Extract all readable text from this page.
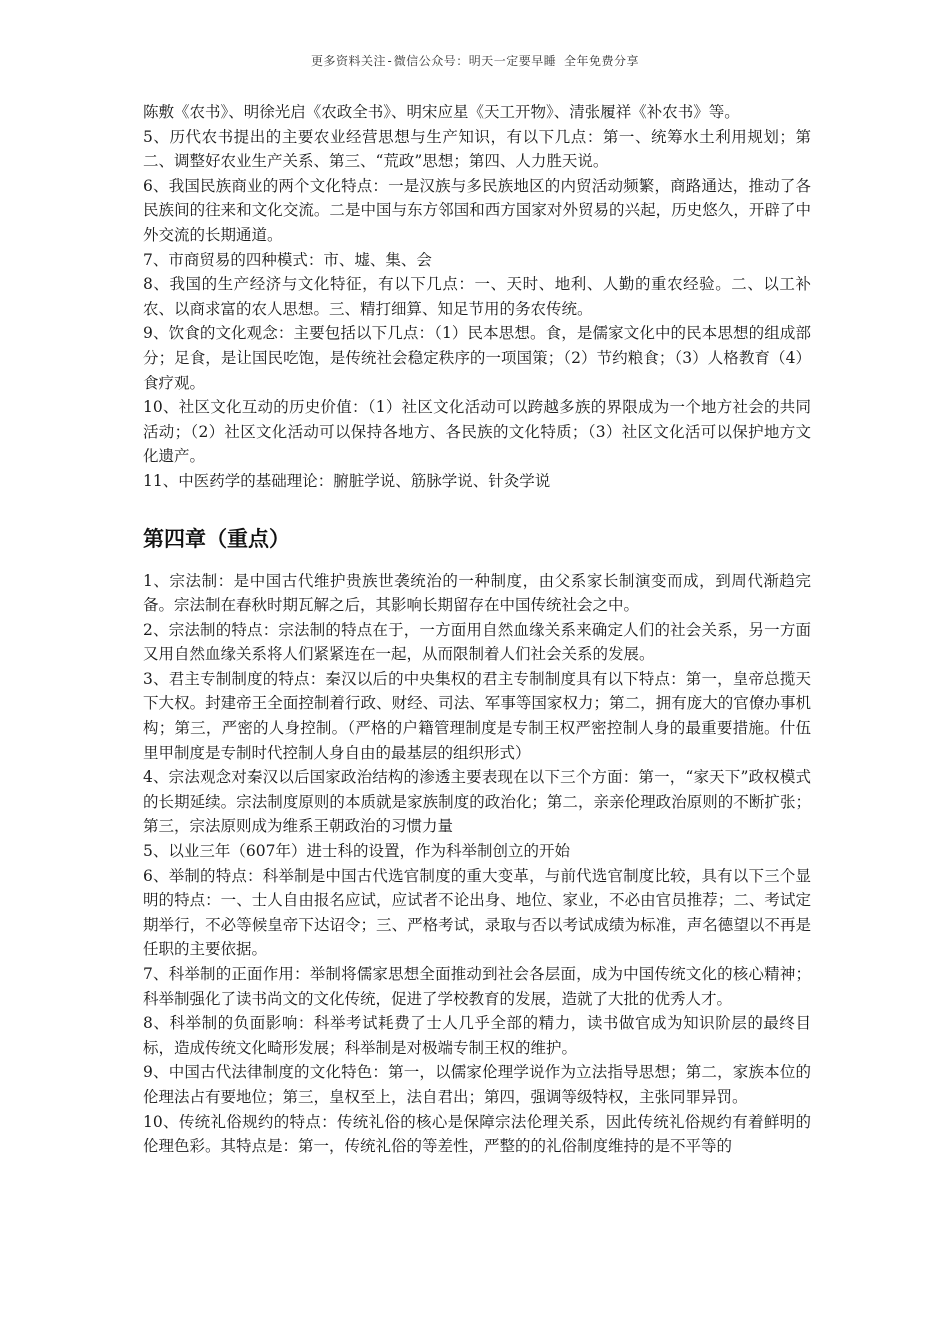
更多资料关注-微信公众号：明天一定要早睡 全年免费分享

陈敷《农书》、明徐光启《农政全书》、明宋应星《天工开物》、清张履祥《补农书》等。

5、历代农书提出的主要农业经营思想与生产知识，有以下几点：第一、统筹水土利用规划；第二、调整好农业生产关系、第三、“荒政”思想；第四、人力胜天说。

6、我国民族商业的两个文化特点：一是汉族与多民族地区的内贸活动频繁，商路通达，推动了各民族间的往来和文化交流。二是中国与东方邻国和西方国家对外贸易的兴起，历史悠久，开辟了中外交流的长期通道。

7、市商贸易的四种模式：市、墟、集、会

8、我国的生产经济与文化特征，有以下几点：一、天时、地利、人勤的重农经验。二、以工补农、以商求富的农人思想。三、精打细算、知足节用的务农传统。

9、饮食的文化观念：主要包括以下几点：（1）民本思想。食，是儒家文化中的民本思想的组成部分；足食，是让国民吃饱，是传统社会稳定秩序的一项国策；（2）节约粮食；（3）人格教育（4）食疗观。

10、社区文化互动的历史价值：（1）社区文化活动可以跨越多族的界限成为一个地方社会的共同活动；（2）社区文化活动可以保持各地方、各民族的文化特质；（3）社区文化活可以保护地方文化遗产。

11、中医药学的基础理论：腑脏学说、筋脉学说、针灸学说

第四章（重点）

1、宗法制：是中国古代维护贵族世袭统治的一种制度，由父系家长制演变而成，到周代渐趋完备。宗法制在春秋时期瓦解之后，其影响长期留存在中国传统社会之中。

2、宗法制的特点：宗法制的特点在于，一方面用自然血缘关系来确定人们的社会关系，另一方面又用自然血缘关系将人们紧紧连在一起，从而限制着人们社会关系的发展。

3、君主专制制度的特点：秦汉以后的中央集权的君主专制制度具有以下特点：第一，皇帝总揽天下大权。封建帝王全面控制着行政、财经、司法、军事等国家权力；第二，拥有庞大的官僚办事机构；第三，严密的人身控制。（严格的户籍管理制度是专制王权严密控制人身的最重要措施。什伍里甲制度是专制时代控制人身自由的最基层的组织形式）

4、宗法观念对秦汉以后国家政治结构的渗透主要表现在以下三个方面：第一，“家天下”政权模式的长期延续。宗法制度原则的本质就是家族制度的政治化；第二，亲亲伦理政治原则的不断扩张；第三，宗法原则成为维系王朝政治的习惯力量

5、以业三年（607年）进士科的设置，作为科举制创立的开始

6、举制的特点：科举制是中国古代选官制度的重大变革，与前代选官制度比较，具有以下三个显明的特点：一、士人自由报名应试，应试者不论出身、地位、家业，不必由官员推荐；二、考试定期举行，不必等候皇帝下达诏令；三、严格考试，录取与否以考试成绩为标准，声名德望以不再是任职的主要依据。

7、科举制的正面作用：举制将儒家思想全面推动到社会各层面，成为中国传统文化的核心精神；科举制强化了读书尚文的文化传统，促进了学校教育的发展，造就了大批的优秀人才。

8、科举制的负面影响：科举考试耗费了士人几乎全部的精力，读书做官成为知识阶层的最终目标，造成传统文化畸形发展；科举制是对极端专制王权的维护。

9、中国古代法律制度的文化特色：第一，以儒家伦理学说作为立法指导思想；第二，家族本位的伦理法占有要地位；第三，皇权至上，法自君出；第四，强调等级特权，主张同罪异罚。

10、传统礼俗规约的特点：传统礼俗的核心是保障宗法伦理关系，因此传统礼俗规约有着鲜明的伦理色彩。其特点是：第一，传统礼俗的等差性，严整的的礼俗制度维持的是不平等的
